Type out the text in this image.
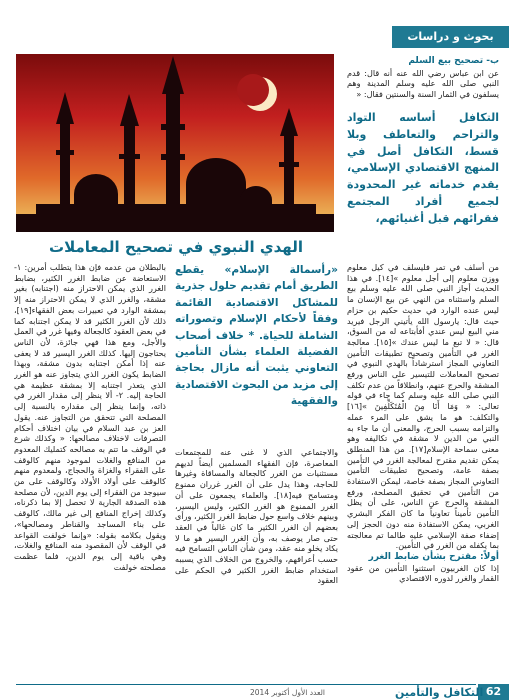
بحوث و دراسات
الهدي النبوي في تصحيح المعاملات
ب- تصحيح بيع السلم

عن ابن عباس رضي الله عنه أنه قال: قدم النبي صلى الله عليه وسلم المدينة وهم يسلفون في الثمار السنة والسنتين فقال: «

التكافل أساسه التواد والتراحم والتعاطف وبلا قسط، التكافل أصل في المنهج الاقتصادي الإسلامي، يقدم خدماته غير المحدودة لجميع أفراد المجتمع فقرائهم قبل أغنيائهم،

من أسلف في تمر فليسلف في كيل معلوم ووزن معلوم إلى أجل معلوم »[١٤]. في هذا الحديث أجاز النبي صلى الله عليه وسلم بيع السلم واستثناه من النهي عن بيع الإنسان ما ليس عنده الوارد في حديث حكيم بن حزام حيث قال: يارسول الله يأتيني الرجل فيريد مني البيع ليس عندي أفأبتاعه له من السوق، قال: « لا تبع ما ليس عندك »[١٥]. معالجة الغرر في التأمين وتصحيح تطبيقات التأمين التعاوني المجاز استرشاداً بالهدي النبوي في تصحيح المعاملات للتيسير على الناس ورفع المشقة والحرج عنهم، وانطلاقاً من عدم تكلف النبي صلى الله عليه وسلم كما جاء في قوله تعالى: « وَمَا أَنَا مِنَ الْمُتَكَلِّفِينَ »[١٦] والتكلف: هو ما يشق على المرء عمله والتزامه بسبب الحرج، والمعنى أن ما جاء به النبي من الدين لا مشقة في تكاليفه وهو معنى سماحة الإسلام[١٧]. من هذا المنطلق يمكن تقديم مقترح لمعالجة الغرر في التأمين بصفة عامة، وتصحيح تطبيقات التأمين التعاوني المجاز بصفة خاصة، ليمكن الاستفادة من التأمين في تحقيق المصلحة، ورفع المشقة والحرج عن الناس، على أن يظل التأمين تأميناً تعاونياً ما كان الفكر البشري الغربي، يمكن الاستفادة منه دون الحجز إلى إضفاء صفة الإسلامي عليه طالما تم معالجته بما يكفله من الغرر في التأمين.

أولاً: مقترح بشأن ضابط الغرر

إذا كان الغربيون استثنوا التأمين من عقود القمار والغرر لدوره الاقتصادي

«رأسمالة الإسلام» يقطع الطريق أمام تقديم حلول جذرية للمشاكل الاقتصادية القائمة وفقاً لأحكام الإسلام وتصوراته الشاملة للحياة. * خلاف أصحاب الفضيلة العلماء بشأن التأمين التعاوني يثبت أنه مازال بحاجة إلى مزيد من البحوث الاقتصادية والفقهية

والاجتماعي الذي لا غنى عنه للمجتمعات المعاصرة، فإن الفقهاء المسلمين أيضاً لديهم مستثنيات من الغرر كالجعالة والمساقاة وغيرها للحاجة، وهذا يدل على أن الغرر غرران ممنوع ومتسامح فيه[١٨]. والعلماء يجمعون على أن الغرر الممنوع هو الغرر الكثير، وليس اليسير، وبينهم خلاف واسع حول ضابط الغرر الكثير، ورأى بعضهم أن الغرر الكثير ما كان غالباً في العقد حتى صار يوصف به، وأن الغرر اليسير هو ما لا يكاد يخلو منه عقد، ومن شأن الناس التسامح فيه حسب أعرافهم، والخروج من الخلاف الذي يسببه استخدام ضابط الغرر الكثير في الحكم على العقود

بالبطلان من عدمه فإن هذا يتطلب أمرين: ١- الاستعاضة عن ضابط الغرر الكثير، بضابط الغرر الذي يمكن الاحتراز منه (اجتنابه) بغير مشقة، والغرر الذي لا يمكن الاحتراز منه إلا بمشقة الوارد في تعبيرات بعض الفقهاء[١٩]، ذلك لأن الغرر الكثير قد لا يمكن اجتنابه كما في بعض العقود كالجعالة وفيها غرر في العمل والأجل، ومع هذا فهي جائزة، لأن الناس يحتاجون إليها. كذلك الغرر اليسير قد لا يعفى عنه إذا أمكن اجتنابه بدون مشقة، وبهذا الضابط يكون الغرر الذي يتجاوز عنه هو الغرر الذي يتعذر اجتنابه إلا بمشقة عظيمة هي الحاجة إليه. ٢- ألا ينظر إلى مقدار الغرر في ذاته، وإنما ينظر إلى مقداره بالنسبة إلى المصلحة التي تتحقق من التجاوز عنه. يقول العز بن عبد السلام في بيان اختلاف أحكام التصرفات لاختلاف مصالحها: « وكذلك شرع في الوقف ما تتم به مصالحه كتمليك المعدوم من المنافع والغلات لموجود منهم كالوقف على الفقراء والغزاة والحجاج، ولمعدوم منهم كالوقف على أولاد الأولاد وكالوقف على من سيوجد من الفقراء إلى يوم الدين، لأن مصلحة هذه الصدقة الجارية لا تحصل إلا بما ذكرناه، وكذلك إخراج المنافع إلى غير مالك، كالوقف على بناء المساجد والقناطر ومصالحها»، ويقول بكلامه بقوله: «وإنما خولفت القواعد في الوقف لأن المقصود منه المنافع والغلات، وهي باقية إلى يوم الدين، فلما عظمت مصلحته خولفت

62
التكافل والتأمين
العدد الأول أكتوبر 2014
